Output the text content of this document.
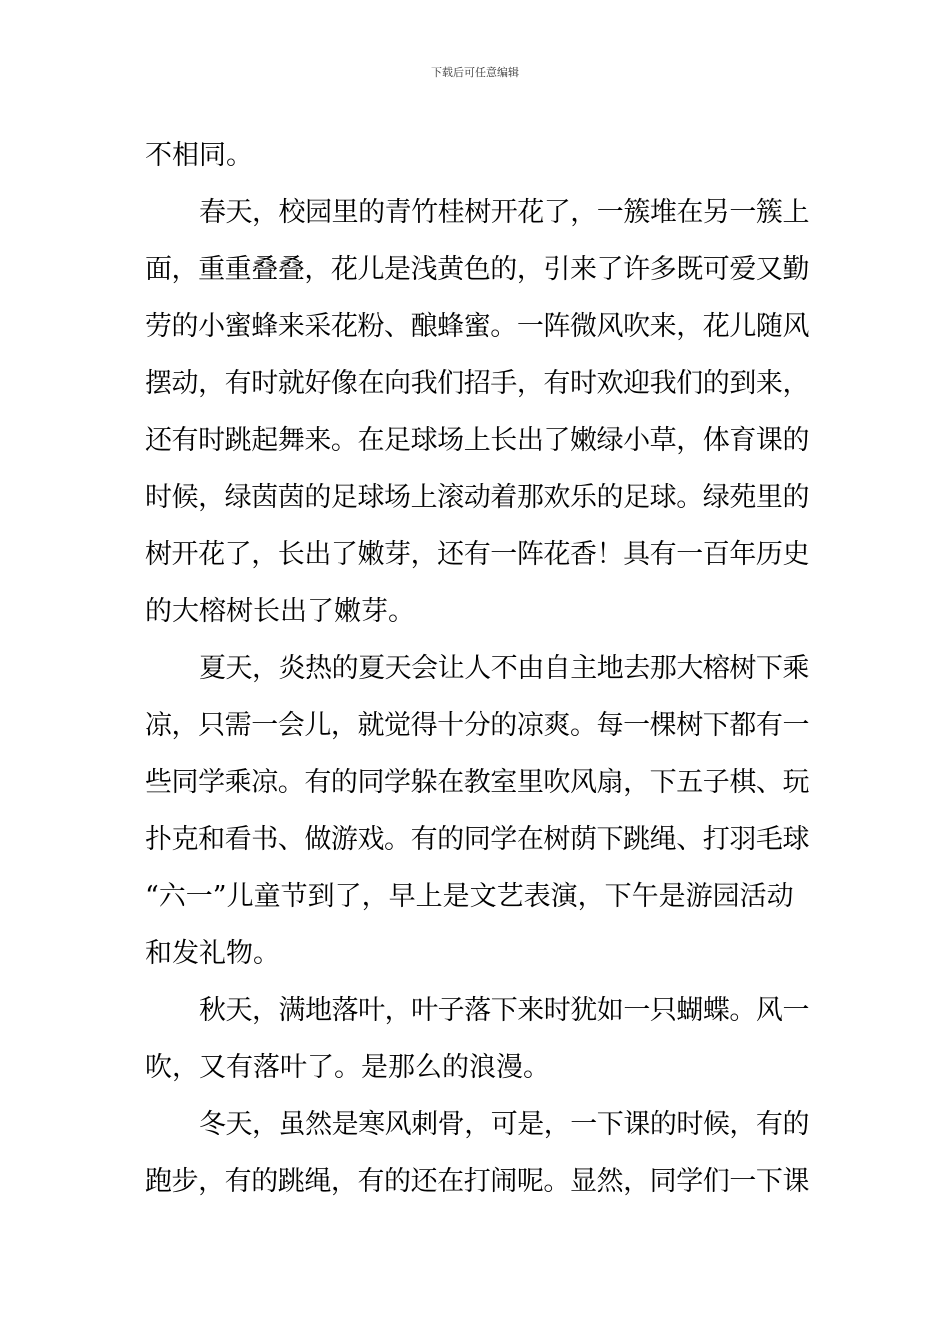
下载后可任意编辑
不相同。
春天，校园里的青竹桂树开花了，一簇堆在另一簇上
面，重重叠叠，花儿是浅黄色的，引来了许多既可爱又勤
劳的小蜜蜂来采花粉、酿蜂蜜。一阵微风吹来，花儿随风
摆动，有时就好像在向我们招手，有时欢迎我们的到来，
还有时跳起舞来。在足球场上长出了嫩绿小草，体育课的
时候，绿茵茵的足球场上滚动着那欢乐的足球。绿苑里的
树开花了，长出了嫩芽，还有一阵花香！具有一百年历史
的大榕树长出了嫩芽。
夏天，炎热的夏天会让人不由自主地去那大榕树下乘
凉，只需一会儿，就觉得十分的凉爽。每一棵树下都有一
些同学乘凉。有的同学躲在教室里吹风扇，下五子棋、玩
扑克和看书、做游戏。有的同学在树荫下跳绳、打羽毛球
“六一”儿童节到了，早上是文艺表演，下午是游园活动
和发礼物。
秋天，满地落叶，叶子落下来时犹如一只蝴蝶。风一
吹，又有落叶了。是那么的浪漫。
冬天，虽然是寒风刺骨，可是，一下课的时候，有的
跑步，有的跳绳，有的还在打闹呢。显然，同学们一下课
